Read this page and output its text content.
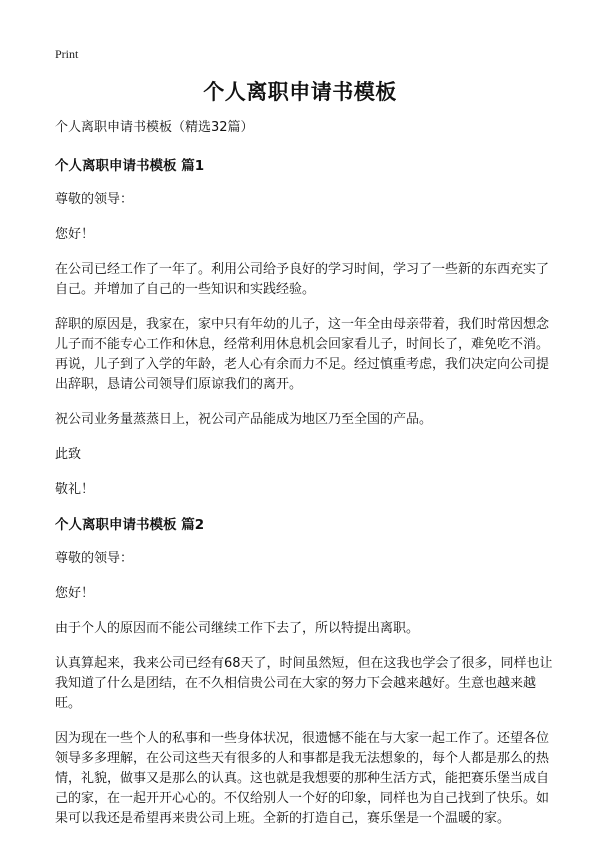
Print
个人离职申请书模板

个人离职申请书模板（精选32篇）

个人离职申请书模板 篇1

尊敬的领导：

您好！

在公司已经工作了一年了。利用公司给予良好的学习时间，学习了一些新的东西充实了自己。并增加了自己的一些知识和实践经验。

辞职的原因是，我家在，家中只有年幼的儿子，这一年全由母亲带着，我们时常因想念儿子而不能专心工作和休息，经常利用休息机会回家看儿子，时间长了，难免吃不消。再说，儿子到了入学的年龄，老人心有余而力不足。经过慎重考虑，我们决定向公司提出辞职，恳请公司领导们原谅我们的离开。

祝公司业务量蒸蒸日上，祝公司产品能成为地区乃至全国的产品。

此致

敬礼！

个人离职申请书模板 篇2

尊敬的领导：

您好！

由于个人的原因而不能公司继续工作下去了，所以特提出离职。

认真算起来，我来公司已经有68天了，时间虽然短，但在这我也学会了很多，同样也让我知道了什么是团结，在不久相信贵公司在大家的努力下会越来越好。生意也越来越旺。

因为现在一些个人的私事和一些身体状况，很遗憾不能在与大家一起工作了。还望各位领导多多理解，在公司这些天有很多的人和事都是我无法想象的，每个人都是那么的热情，礼貌，做事又是那么的认真。这也就是我想要的那种生活方式，能把赛乐堡当成自己的家，在一起开开心心的。不仅给别人一个好的印象，同样也为自己找到了快乐。如果可以我还是希望再来贵公司上班。全新的打造自己，赛乐堡是一个温暖的家。
